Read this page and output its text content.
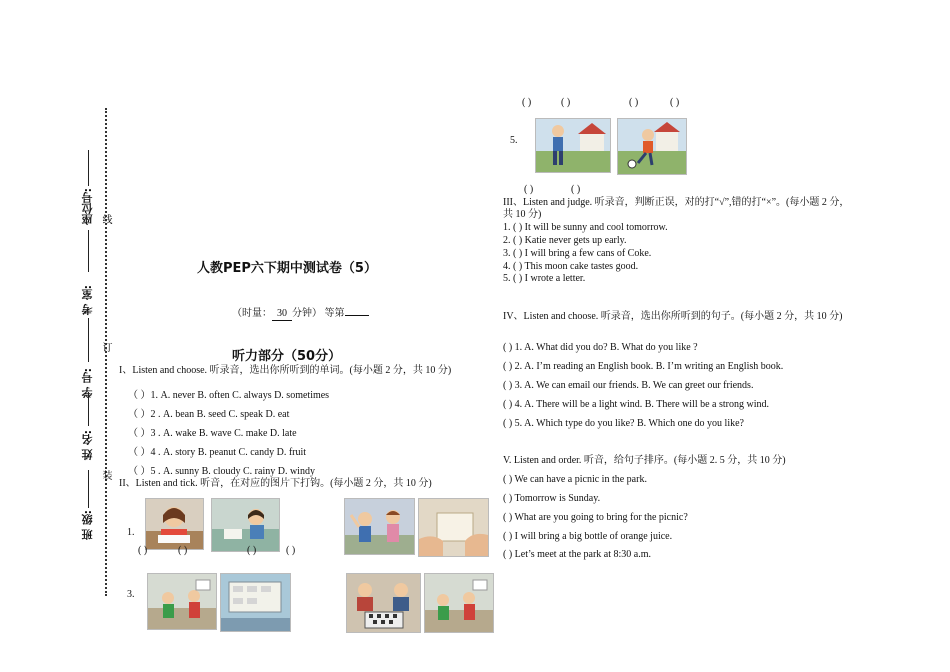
线
订
装
座位号:
考 室:
学 号:
姓 名:
班 级:
人教PEP六下期中测试卷（5）
（时量： 30 分钟） 等第
听力部分（50分）
I、Listen and choose. 听录音，选出你所听到的单词。(每小题 2 分，共 10 分)
（ ）1. A. never B. often C. always D. sometimes
（ ）2 . A. bean B. seed C. speak D. eat
（ ）3 . A. wake B. wave C. make D. late
（ ）4 . A. story B. peanut C. candy D. fruit
（ ）5 . A. sunny B. cloudy C. rainy D. windy
II、Listen and tick. 听音，在对应的图片下打钩。(每小题 2 分，共 10 分)
1.
( )	( )	( )	( )
3.
( )	( )	( )	( )
5.
( )	( )
III、Listen and judge. 听录音，判断正误，对的打“√”,错的打“×”。(每小题 2 分，共 10 分)
1. ( ) It will be sunny and cool tomorrow.
2. ( ) Katie never gets up early.
3. ( ) I will bring a few cans of Coke.
4. ( ) This moon cake tastes good.
5. ( ) I wrote a letter.
IV、Listen and choose. 听录音，选出你所听到的句子。(每小题 2 分，共 10 分)
( ) 1. A. What did you do? B. What do you like ?
( ) 2. A. I’m reading an English book. B. I’m writing an English book.
( ) 3. A. We can email our friends. B. We can greet our friends.
( ) 4. A. There will be a light wind. B. There will be a strong wind.
( ) 5. A. Which type do you like? B. Which one do you like?
V. Listen and order. 听音，给句子排序。(每小题 2. 5 分，共 10 分)
( ) We can have a picnic in the park.
( ) Tomorrow is Sunday.
( ) What are you going to bring for the picnic?
( ) I will bring a big bottle of orange juice.
( ) Let’s meet at the park at 8:30 a.m.
